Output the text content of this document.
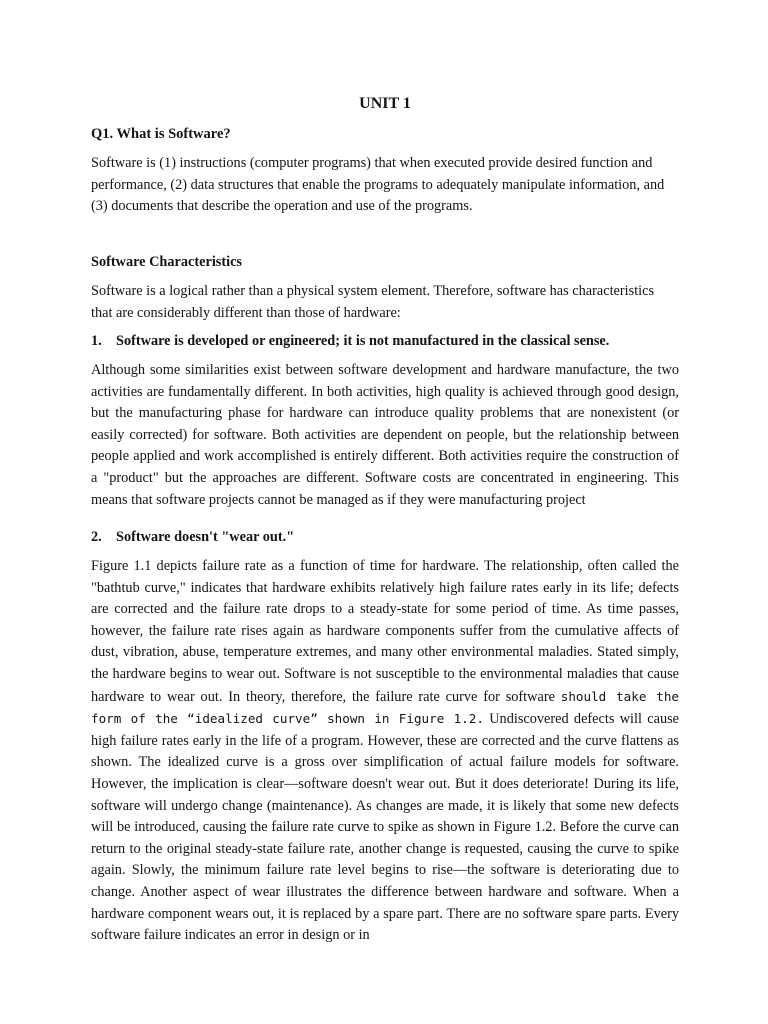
UNIT 1
Q1. What is Software?

Software is (1) instructions (computer programs) that when executed provide desired function and performance, (2) data structures that enable the programs to adequately manipulate information, and (3) documents that describe the operation and use of the programs.

Software Characteristics

Software is a logical rather than a physical system element. Therefore, software has characteristics that are considerably different than those of hardware:

1. Software is developed or engineered; it is not manufactured in the classical sense.

Although some similarities exist between software development and hardware manufacture, the two activities are fundamentally different. In both activities, high quality is achieved through good design, but the manufacturing phase for hardware can introduce quality problems that are nonexistent (or easily corrected) for software. Both activities are dependent on people, but the relationship between people applied and work accomplished is entirely different. Both activities require the construction of a "product" but the approaches are different. Software costs are concentrated in engineering. This means that software projects cannot be managed as if they were manufacturing project

2. Software doesn't "wear out."

Figure 1.1 depicts failure rate as a function of time for hardware. The relationship, often called the "bathtub curve," indicates that hardware exhibits relatively high failure rates early in its life; defects are corrected and the failure rate drops to a steady-state for some period of time. As time passes, however, the failure rate rises again as hardware components suffer from the cumulative affects of dust, vibration, abuse, temperature extremes, and many other environmental maladies. Stated simply, the hardware begins to wear out. Software is not susceptible to the environmental maladies that cause hardware to wear out. In theory, therefore, the failure rate curve for software should take the form of the “idealized curve” shown in Figure 1.2. Undiscovered defects will cause high failure rates early in the life of a program. However, these are corrected and the curve flattens as shown. The idealized curve is a gross over simplification of actual failure models for software. However, the implication is clear—software doesn't wear out. But it does deteriorate! During its life, software will undergo change (maintenance). As changes are made, it is likely that some new defects will be introduced, causing the failure rate curve to spike as shown in Figure 1.2. Before the curve can return to the original steady-state failure rate, another change is requested, causing the curve to spike again. Slowly, the minimum failure rate level begins to rise—the software is deteriorating due to change. Another aspect of wear illustrates the difference between hardware and software. When a hardware component wears out, it is replaced by a spare part. There are no software spare parts. Every software failure indicates an error in design or in
